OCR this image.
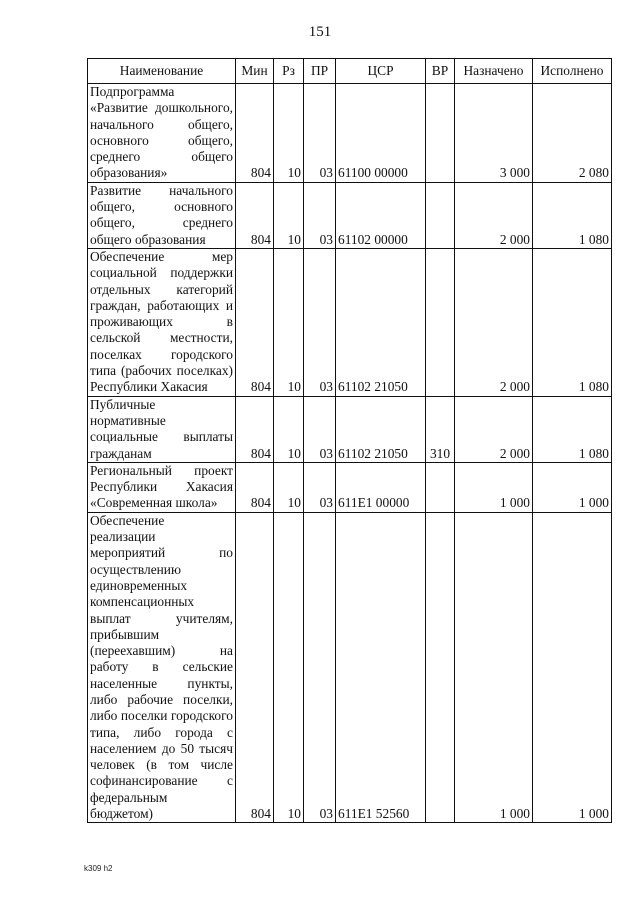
151
Наименование	Мин	Рз	ПР	ЦСР	ВР	Назначено	Исполнено
Подпрограмма «Развитие дошкольного, начального общего, основного общего, среднего общего образования»	804	10	03	61100 00000		3 000	2 080
Развитие начального общего, основного общего, среднего общего образования	804	10	03	61102 00000		2 000	1 080
Обеспечение мер социальной поддержки отдельных категорий граждан, работающих и проживающих в сельской местности, поселках городского типа (рабочих поселках) Республики Хакасия	804	10	03	61102 21050		2 000	1 080
Публичные нормативные социальные выплаты гражданам	804	10	03	61102 21050	310	2 000	1 080
Региональный проект Республики Хакасия «Современная школа»	804	10	03	611E1 00000		1 000	1 000
Обеспечение реализации мероприятий по осуществлению единовременных компенсационных выплат учителям, прибывшим (переехавшим) на работу в сельские населенные пункты, либо рабочие поселки, либо поселки городского типа, либо города с населением до 50 тысяч человек (в том числе софинансирование с федеральным бюджетом)	804	10	03	611E1 52560		1 000	1 000
k309 h2
